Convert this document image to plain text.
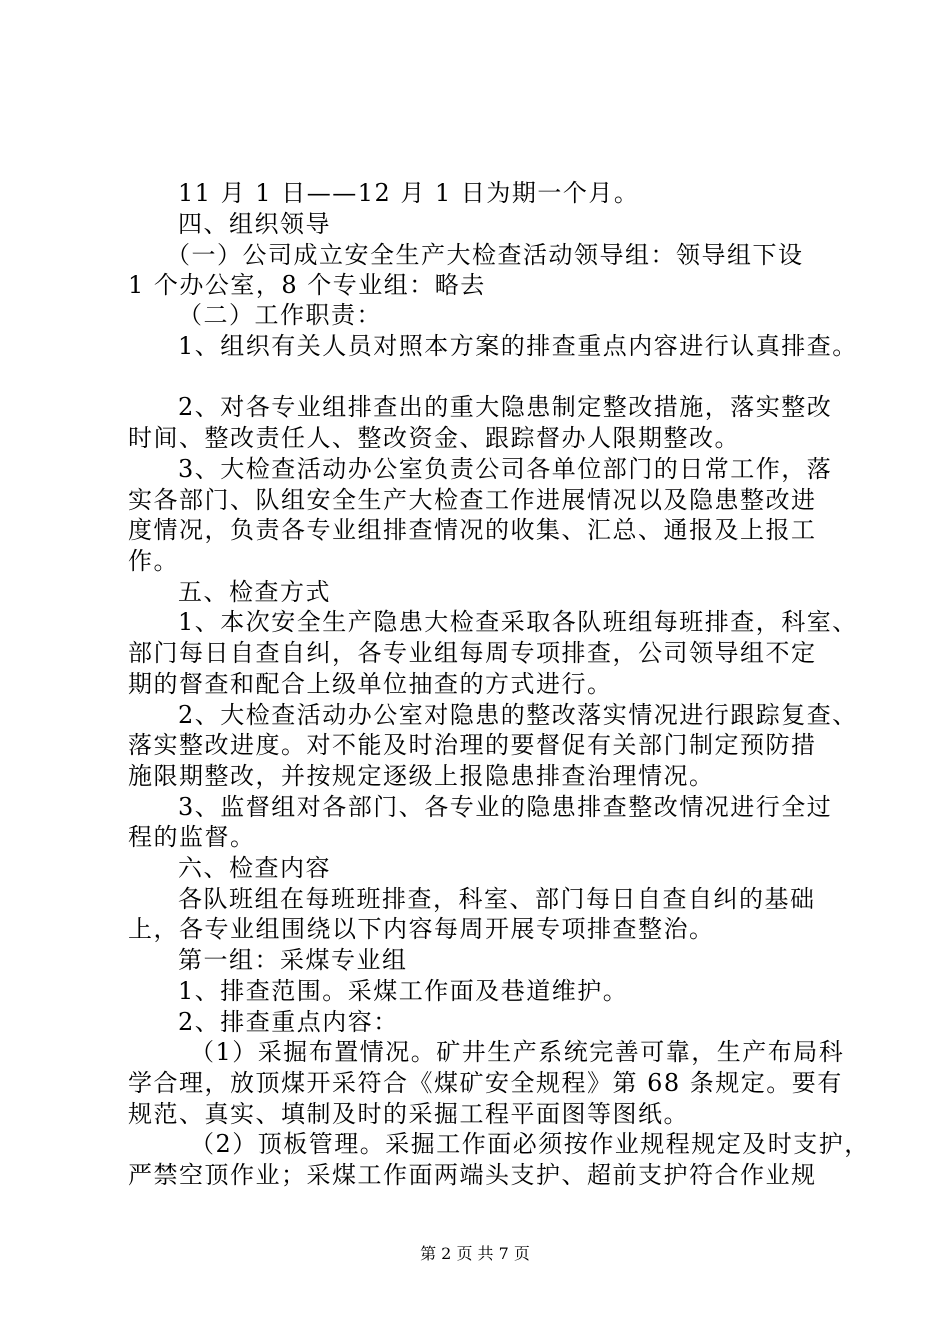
11 月 1 日——12 月 1 日为期一个月。
四、组织领导
（一）公司成立安全生产大检查活动领导组：领导组下设
1 个办公室，8 个专业组：略去
（二）工作职责：
1、组织有关人员对照本方案的排查重点内容进行认真排查。
2、对各专业组排查出的重大隐患制定整改措施，落实整改
时间、整改责任人、整改资金、跟踪督办人限期整改。
3、大检查活动办公室负责公司各单位部门的日常工作，落
实各部门、队组安全生产大检查工作进展情况以及隐患整改进
度情况，负责各专业组排查情况的收集、汇总、通报及上报工
作。
五、检查方式
1、本次安全生产隐患大检查采取各队班组每班排查，科室、
部门每日自查自纠，各专业组每周专项排查，公司领导组不定
期的督查和配合上级单位抽查的方式进行。
2、大检查活动办公室对隐患的整改落实情况进行跟踪复查、
落实整改进度。对不能及时治理的要督促有关部门制定预防措
施限期整改，并按规定逐级上报隐患排查治理情况。
3、监督组对各部门、各专业的隐患排查整改情况进行全过
程的监督。
六、检查内容
各队班组在每班班排查，科室、部门每日自查自纠的基础
上，各专业组围绕以下内容每周开展专项排查整治。
第一组：采煤专业组
1、排查范围。采煤工作面及巷道维护。
2、排查重点内容：
（1）采掘布置情况。矿井生产系统完善可靠，生产布局科
学合理，放顶煤开采符合《煤矿安全规程》第 68 条规定。要有
规范、真实、填制及时的采掘工程平面图等图纸。
（2）顶板管理。采掘工作面必须按作业规程规定及时支护，
严禁空顶作业；采煤工作面两端头支护、超前支护符合作业规
第 2 页 共 7 页
